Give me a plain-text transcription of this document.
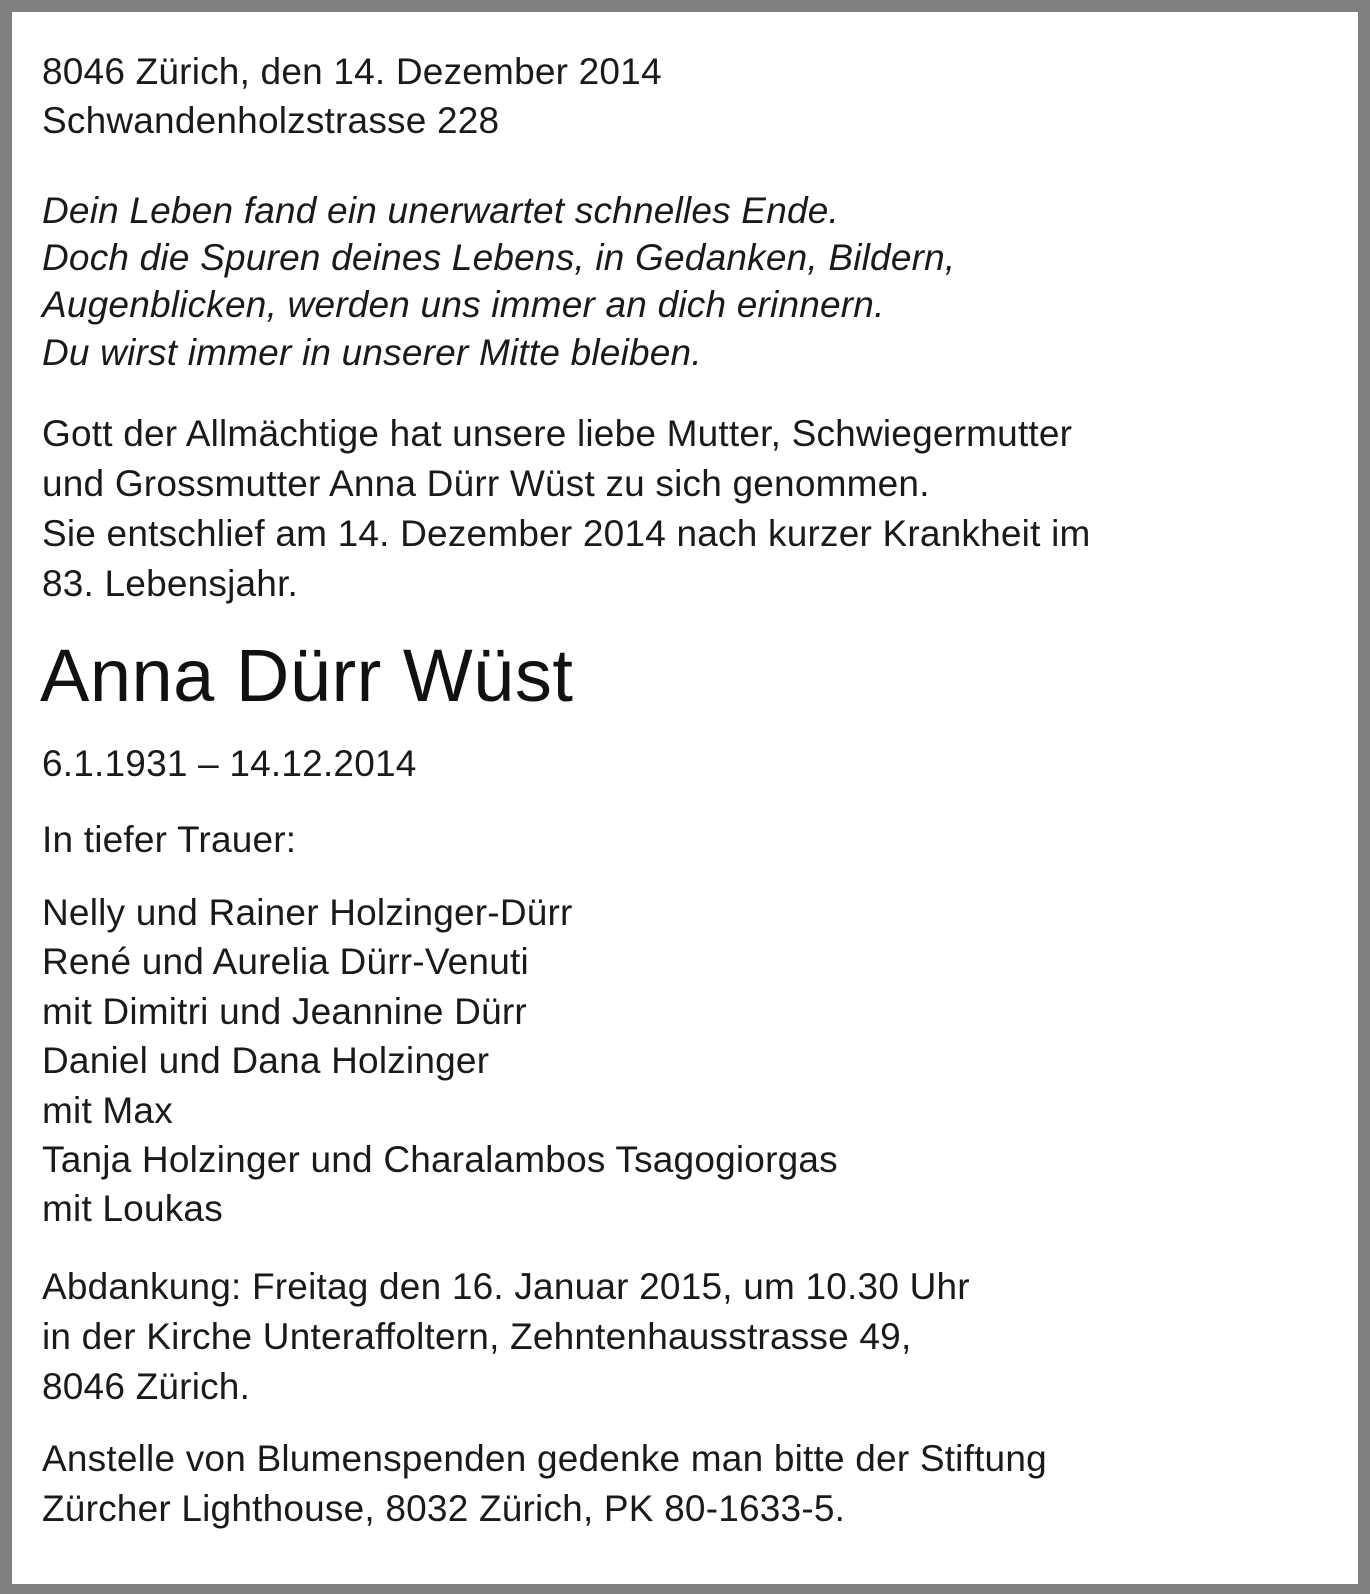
8046 Zürich, den 14. Dezember 2014
Schwandenholzstrasse 228
Dein Leben fand ein unerwartet schnelles Ende.
Doch die Spuren deines Lebens, in Gedanken, Bildern,
Augenblicken, werden uns immer an dich erinnern.
Du wirst immer in unserer Mitte bleiben.
Gott der Allmächtige hat unsere liebe Mutter, Schwiegermutter
und Grossmutter Anna Dürr Wüst zu sich genommen.
Sie entschlief am 14. Dezember 2014 nach kurzer Krankheit im
83. Lebensjahr.
Anna Dürr Wüst
6.1.1931 – 14.12.2014
In tiefer Trauer:
Nelly und Rainer Holzinger-Dürr
René und Aurelia Dürr-Venuti
mit Dimitri und Jeannine Dürr
Daniel und Dana Holzinger
mit Max
Tanja Holzinger und Charalambos Tsagogiorgas
mit Loukas
Abdankung: Freitag den 16. Januar 2015, um 10.30 Uhr
in der Kirche Unteraffoltern, Zehntenhausstrasse 49,
8046 Zürich.
Anstelle von Blumenspenden gedenke man bitte der Stiftung
Zürcher Lighthouse, 8032 Zürich, PK 80-1633-5.
